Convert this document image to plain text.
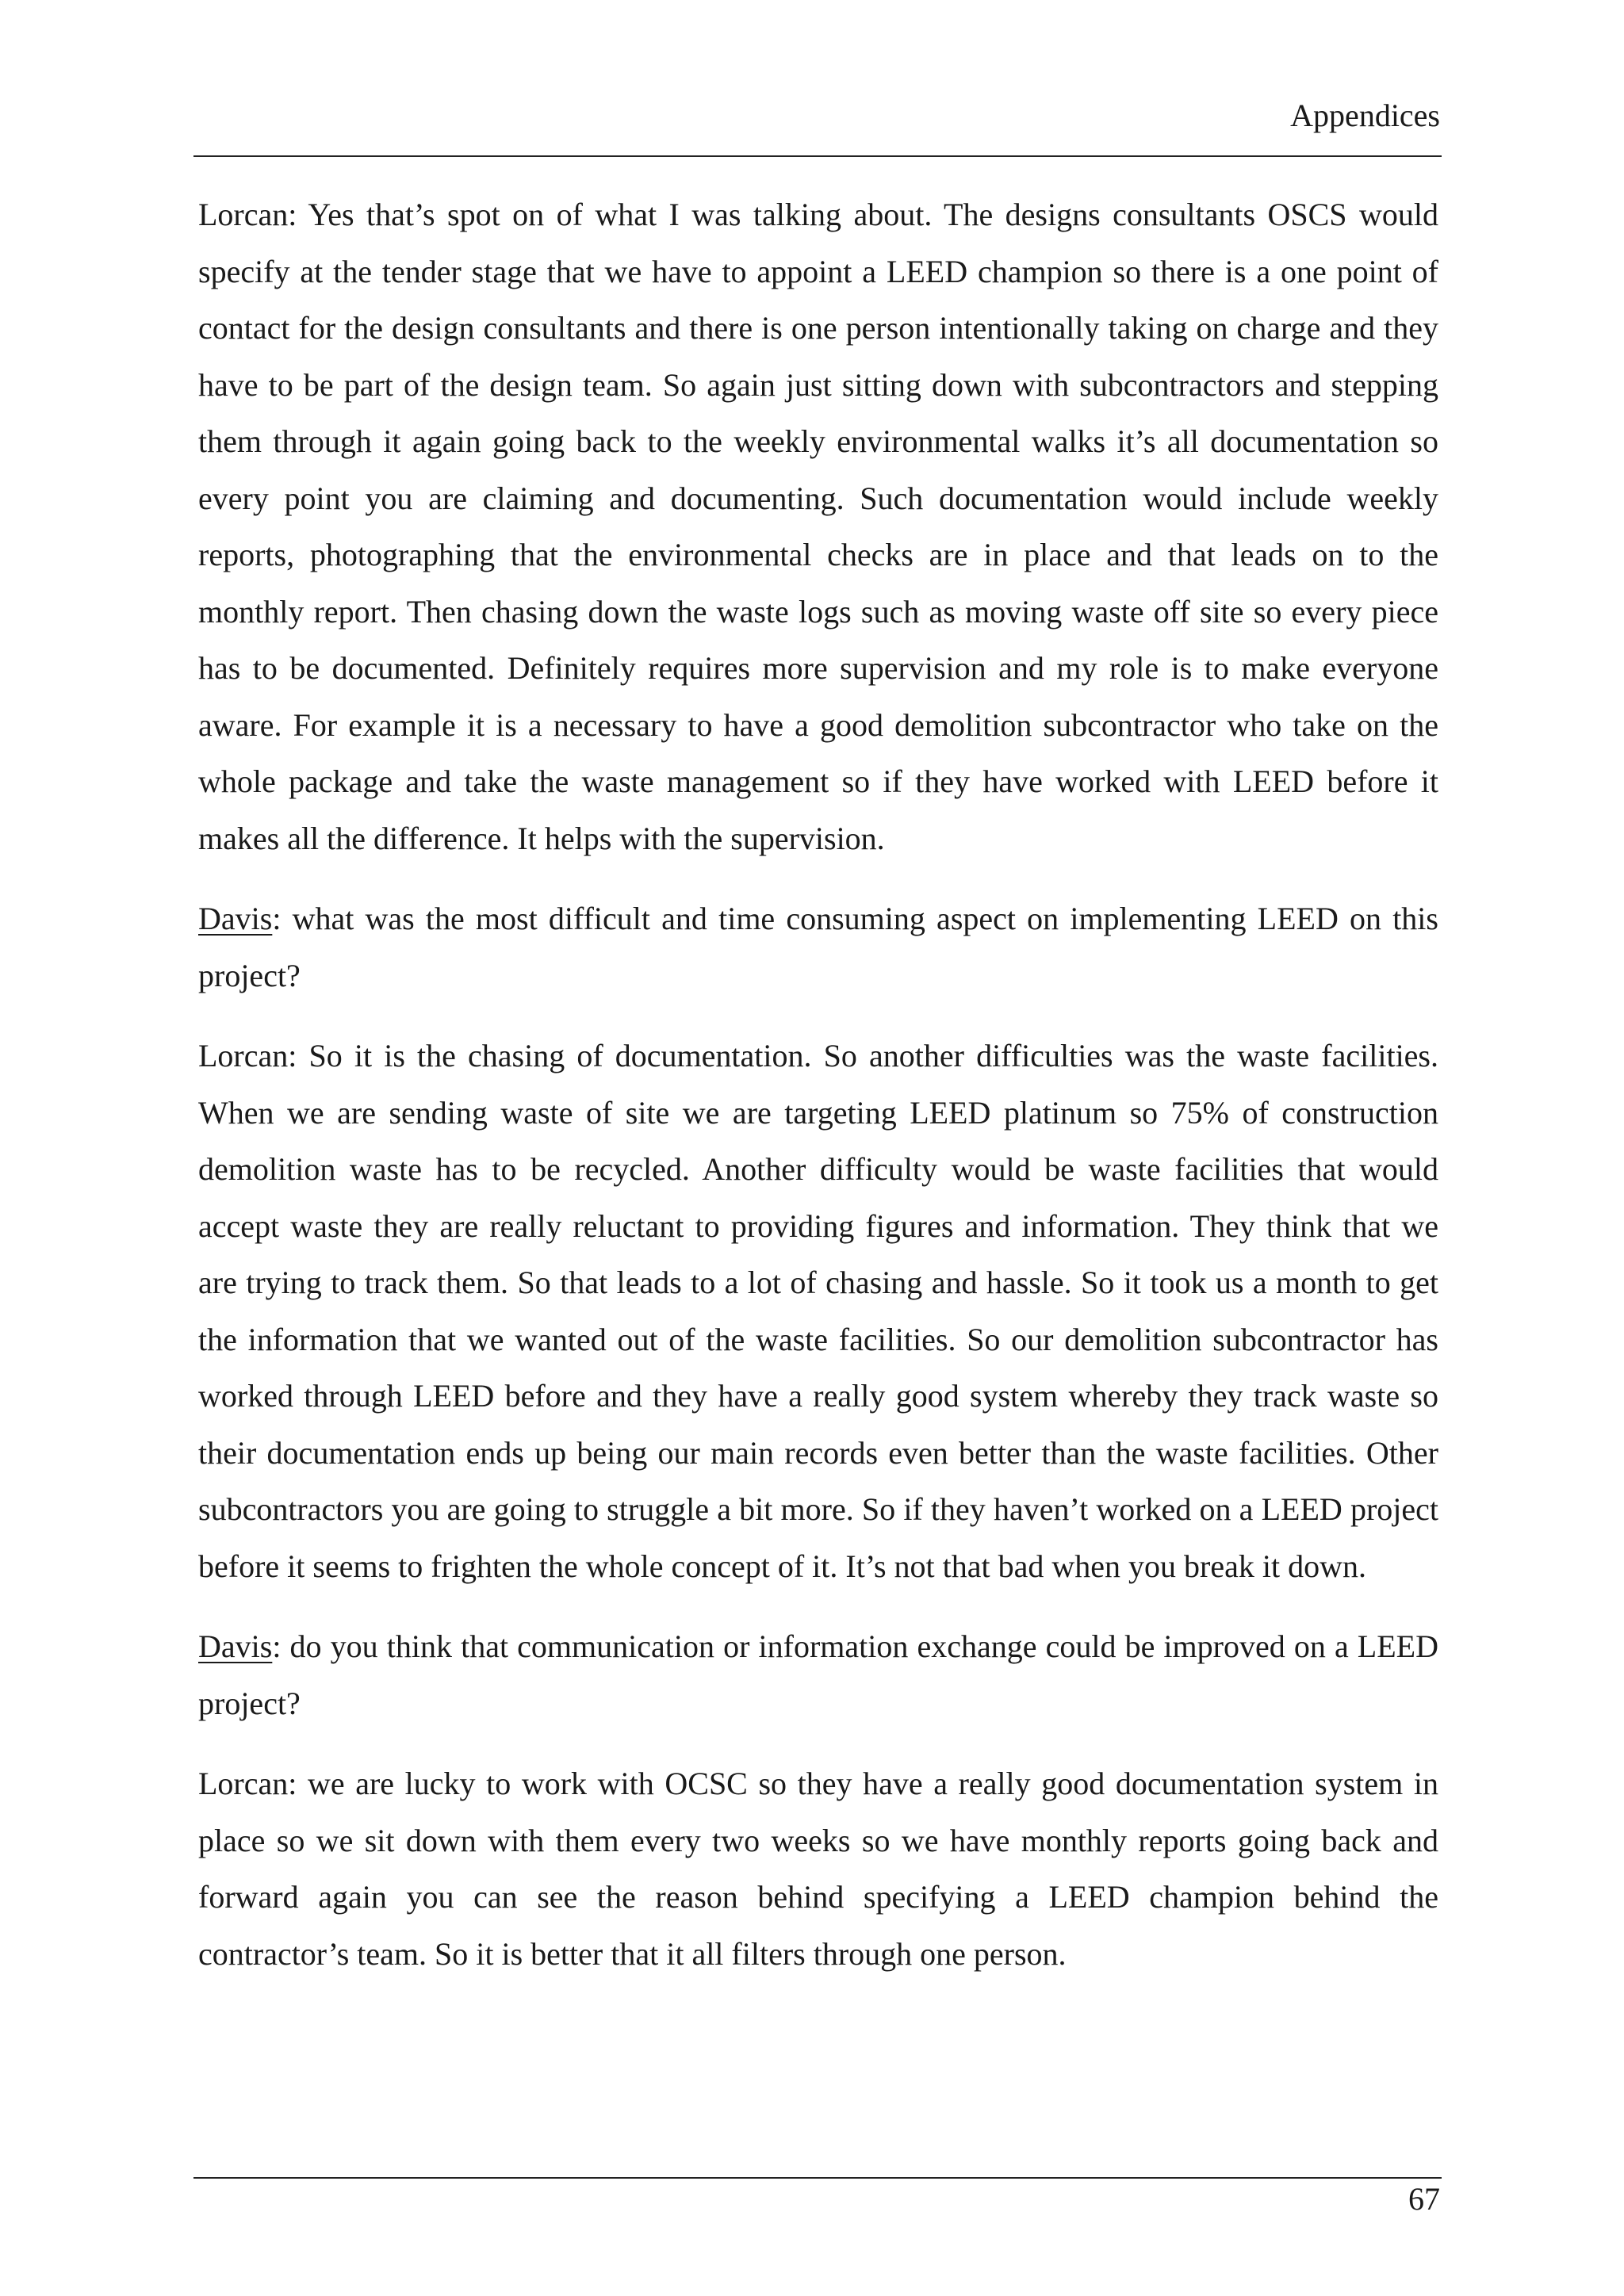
Appendices

Lorcan: Yes that’s spot on of what I was talking about. The designs consultants OSCS would specify at the tender stage that we have to appoint a LEED champion so there is a one point of contact for the design consultants and there is one person intentionally taking on charge and they have to be part of the design team. So again just sitting down with subcontractors and stepping them through it again going back to the weekly environmental walks it’s all documentation so every point you are claiming and documenting. Such documentation would include weekly reports, photographing that the environmental checks are in place and that leads on to the monthly report. Then chasing down the waste logs such as moving waste off site so every piece has to be documented. Definitely requires more supervision and my role is to make everyone aware. For example it is a necessary to have a good demolition subcontractor who take on the whole package and take the waste management so if they have worked with LEED before it makes all the difference. It helps with the supervision.

Davis: what was the most difficult and time consuming aspect on implementing LEED on this project?

Lorcan: So it is the chasing of documentation. So another difficulties was the waste facilities. When we are sending waste of site we are targeting LEED platinum so 75% of construction demolition waste has to be recycled. Another difficulty would be waste facilities that would accept waste they are really reluctant to providing figures and information. They think that we are trying to track them. So that leads to a lot of chasing and hassle. So it took us a month to get the information that we wanted out of the waste facilities. So our demolition subcontractor has worked through LEED before and they have a really good system whereby they track waste so their documentation ends up being our main records even better than the waste facilities. Other subcontractors you are going to struggle a bit more. So if they haven’t worked on a LEED project before it seems to frighten the whole concept of it. It’s not that bad when you break it down.

Davis: do you think that communication or information exchange could be improved on a LEED project?

Lorcan: we are lucky to work with OCSC so they have a really good documentation system in place so we sit down with them every two weeks so we have monthly reports going back and forward again you can see the reason behind specifying a LEED champion behind the contractor’s team. So it is better that it all filters through one person.

67
